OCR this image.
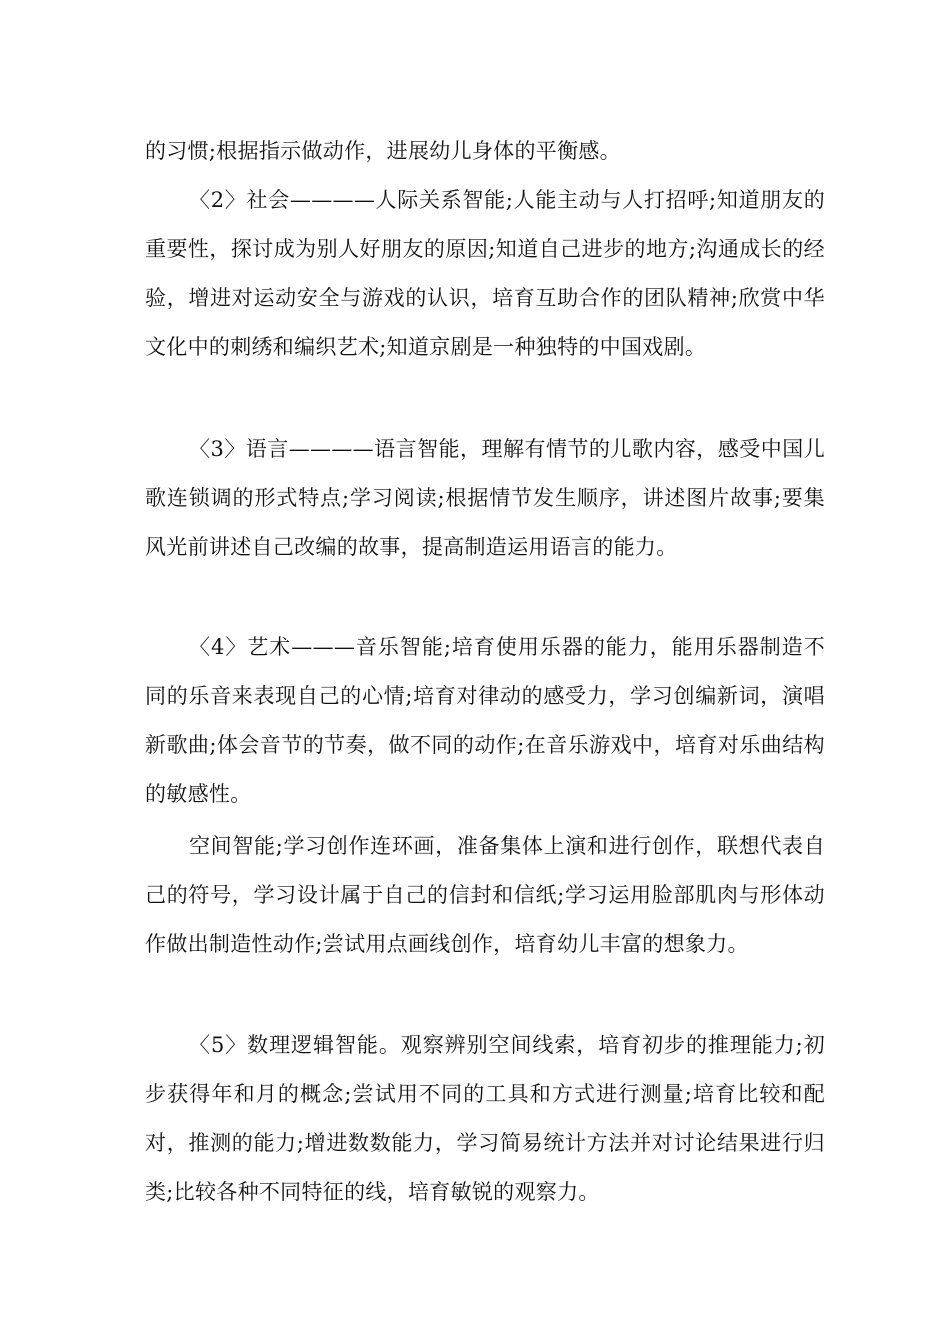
的习惯;根据指示做动作，进展幼儿身体的平衡感。

〈2〉社会————人际关系智能;人能主动与人打招呼;知道朋友的重要性，探讨成为别人好朋友的原因;知道自己进步的地方;沟通成长的经验，增进对运动安全与游戏的认识，培育互助合作的团队精神;欣赏中华文化中的刺绣和编织艺术;知道京剧是一种独特的中国戏剧。

〈3〉语言————语言智能，理解有情节的儿歌内容，感受中国儿歌连锁调的形式特点;学习阅读;根据情节发生顺序，讲述图片故事;要集风光前讲述自己改编的故事，提高制造运用语言的能力。

〈4〉艺术———音乐智能;培育使用乐器的能力，能用乐器制造不同的乐音来表现自己的心情;培育对律动的感受力，学习创编新词，演唱新歌曲;体会音节的节奏，做不同的动作;在音乐游戏中，培育对乐曲结构的敏感性。

空间智能;学习创作连环画，准备集体上演和进行创作，联想代表自己的符号，学习设计属于自己的信封和信纸;学习运用脸部肌肉与形体动作做出制造性动作;尝试用点画线创作，培育幼儿丰富的想象力。

〈5〉数理逻辑智能。观察辨别空间线索，培育初步的推理能力;初步获得年和月的概念;尝试用不同的工具和方式进行测量;培育比较和配对，推测的能力;增进数数能力，学习简易统计方法并对讨论结果进行归类;比较各种不同特征的线，培育敏锐的观察力。
